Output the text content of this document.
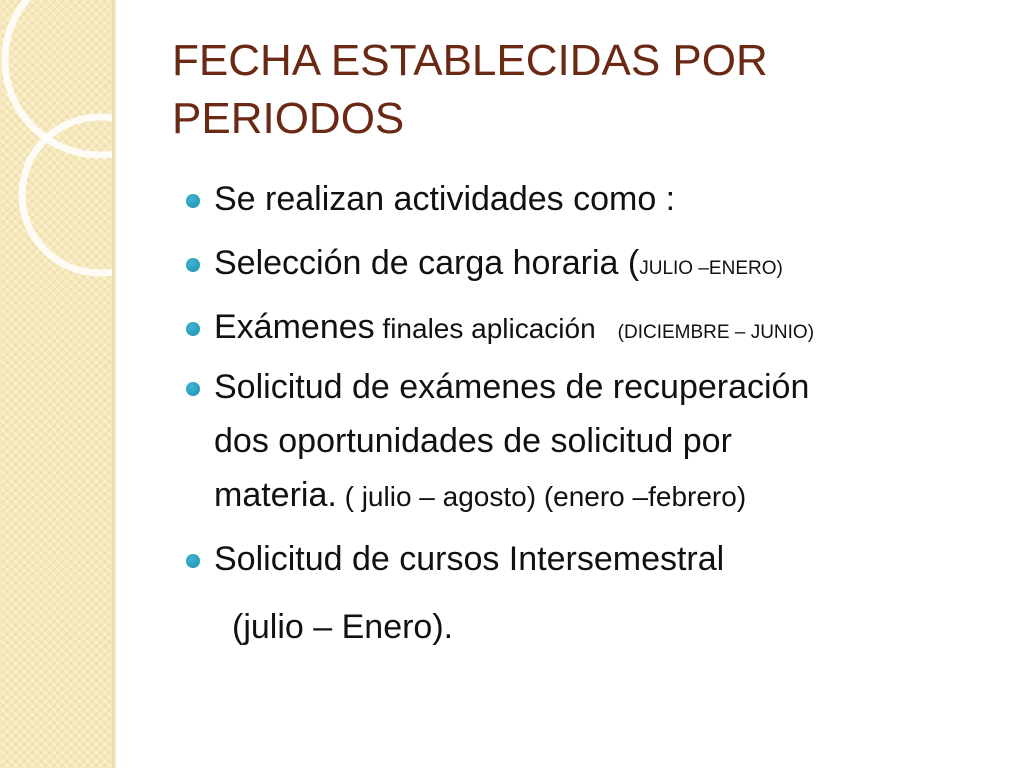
FECHA ESTABLECIDAS POR PERIODOS
Se realizan actividades como :
Selección de carga horaria (JULIO –ENERO)
Exámenes finales aplicación (DICIEMBRE – JUNIO)
Solicitud de exámenes de recuperación
dos oportunidades de solicitud por
materia. ( julio – agosto) (enero –febrero)
Solicitud de cursos Intersemestral
(julio – Enero).
